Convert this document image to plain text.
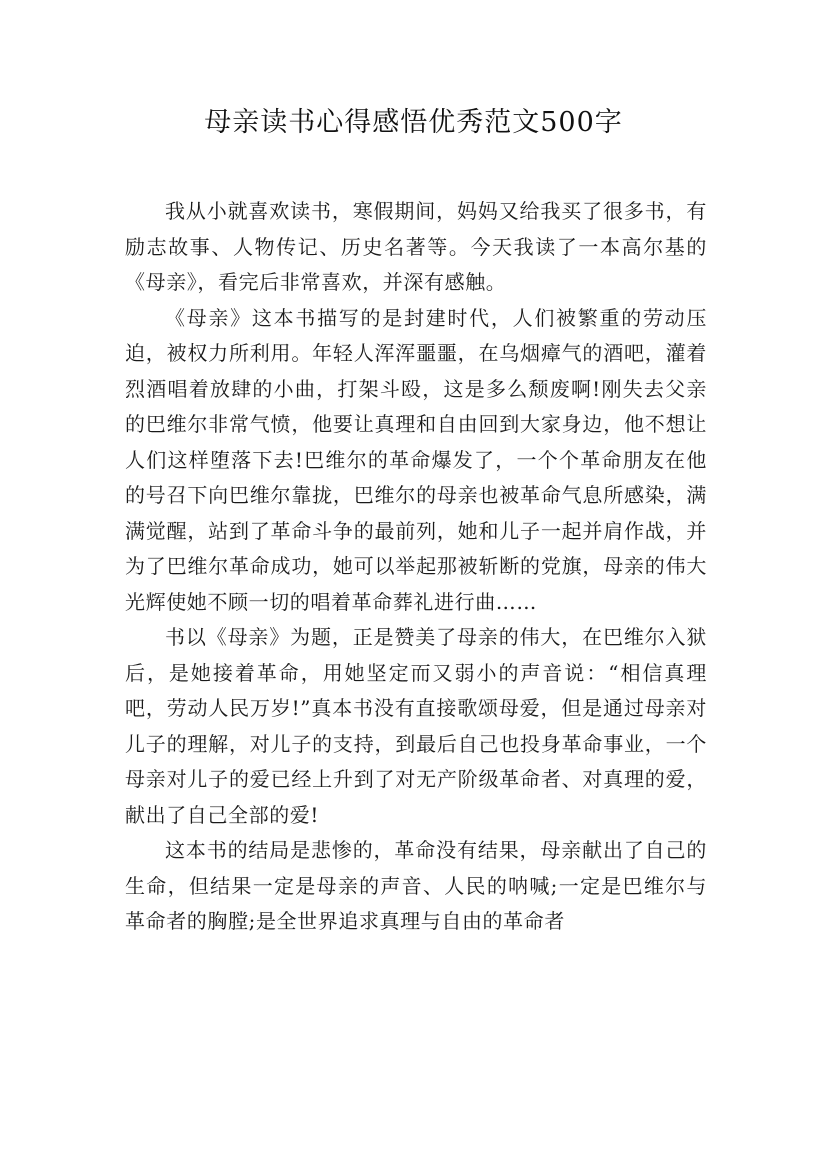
母亲读书心得感悟优秀范文500字

我从小就喜欢读书，寒假期间，妈妈又给我买了很多书，有励志故事、人物传记、历史名著等。今天我读了一本高尔基的《母亲》，看完后非常喜欢，并深有感触。

《母亲》这本书描写的是封建时代，人们被繁重的劳动压迫，被权力所利用。年轻人浑浑噩噩，在乌烟瘴气的酒吧，灌着烈酒唱着放肆的小曲，打架斗殴，这是多么颓废啊!刚失去父亲的巴维尔非常气愤，他要让真理和自由回到大家身边，他不想让人们这样堕落下去!巴维尔的革命爆发了，一个个革命朋友在他的号召下向巴维尔靠拢，巴维尔的母亲也被革命气息所感染，满满觉醒，站到了革命斗争的最前列，她和儿子一起并肩作战，并为了巴维尔革命成功，她可以举起那被斩断的党旗，母亲的伟大光辉使她不顾一切的唱着革命葬礼进行曲……

书以《母亲》为题，正是赞美了母亲的伟大，在巴维尔入狱后，是她接着革命，用她坚定而又弱小的声音说：“相信真理吧，劳动人民万岁!”真本书没有直接歌颂母爱，但是通过母亲对儿子的理解，对儿子的支持，到最后自己也投身革命事业，一个母亲对儿子的爱已经上升到了对无产阶级革命者、对真理的爱，献出了自己全部的爱!

这本书的结局是悲惨的，革命没有结果，母亲献出了自己的生命，但结果一定是母亲的声音、人民的呐喊;一定是巴维尔与革命者的胸膛;是全世界追求真理与自由的革命者
